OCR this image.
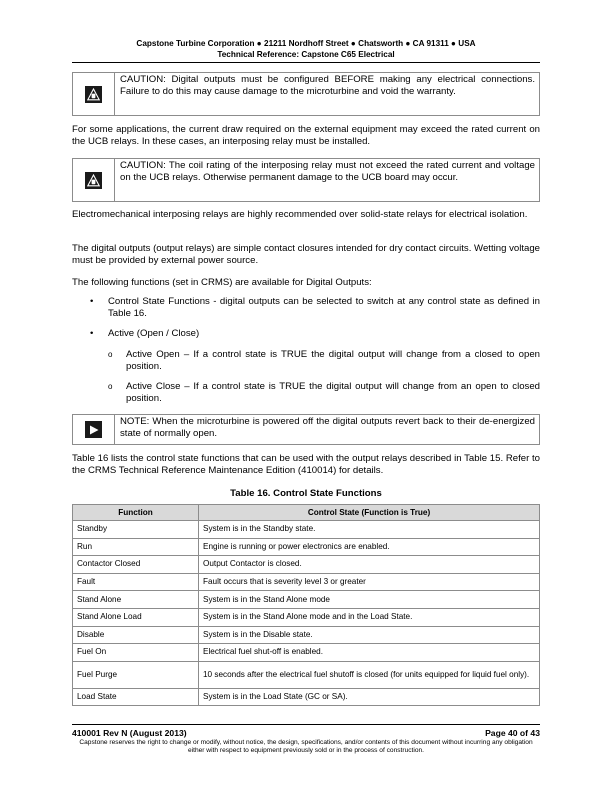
Capstone Turbine Corporation ● 21211 Nordhoff Street ● Chatsworth ● CA 91311 ● USA
Technical Reference: Capstone C65 Electrical
CAUTION: Digital outputs must be configured BEFORE making any electrical connections. Failure to do this may cause damage to the microturbine and void the warranty.
For some applications, the current draw required on the external equipment may exceed the rated current on the UCB relays. In these cases, an interposing relay must be installed.
CAUTION: The coil rating of the interposing relay must not exceed the rated current and voltage on the UCB relays. Otherwise permanent damage to the UCB board may occur.
Electromechanical interposing relays are highly recommended over solid-state relays for electrical isolation.
The digital outputs (output relays) are simple contact closures intended for dry contact circuits. Wetting voltage must be provided by external power source.
The following functions (set in CRMS) are available for Digital Outputs:
•	Control State Functions - digital outputs can be selected to switch at any control state as defined in Table 16.
•	Active (Open / Close)
o	Active Open – If a control state is TRUE the digital output will change from a closed to open position.
o	Active Close – If a control state is TRUE the digital output will change from an open to closed position.
NOTE: When the microturbine is powered off the digital outputs revert back to their de-energized state of normally open.
Table 16 lists the control state functions that can be used with the output relays described in Table 15. Refer to the CRMS Technical Reference Maintenance Edition (410014) for details.
Table 16. Control State Functions
Function	Control State (Function is True)
Standby	System is in the Standby state.
Run	Engine is running or power electronics are enabled.
Contactor Closed	Output Contactor is closed.
Fault	Fault occurs that is severity level 3 or greater
Stand Alone	System is in the Stand Alone mode
Stand Alone Load	System is in the Stand Alone mode and in the Load State.
Disable	System is in the Disable state.
Fuel On	Electrical fuel shut-off is enabled.
Fuel Purge	10 seconds after the electrical fuel shutoff is closed (for units equipped for liquid fuel only).
Load State	System is in the Load State (GC or SA).
410001 Rev N (August 2013)	Page 40 of 43
Capstone reserves the right to change or modify, without notice, the design, specifications, and/or contents of this document without incurring any obligation either with respect to equipment previously sold or in the process of construction.
